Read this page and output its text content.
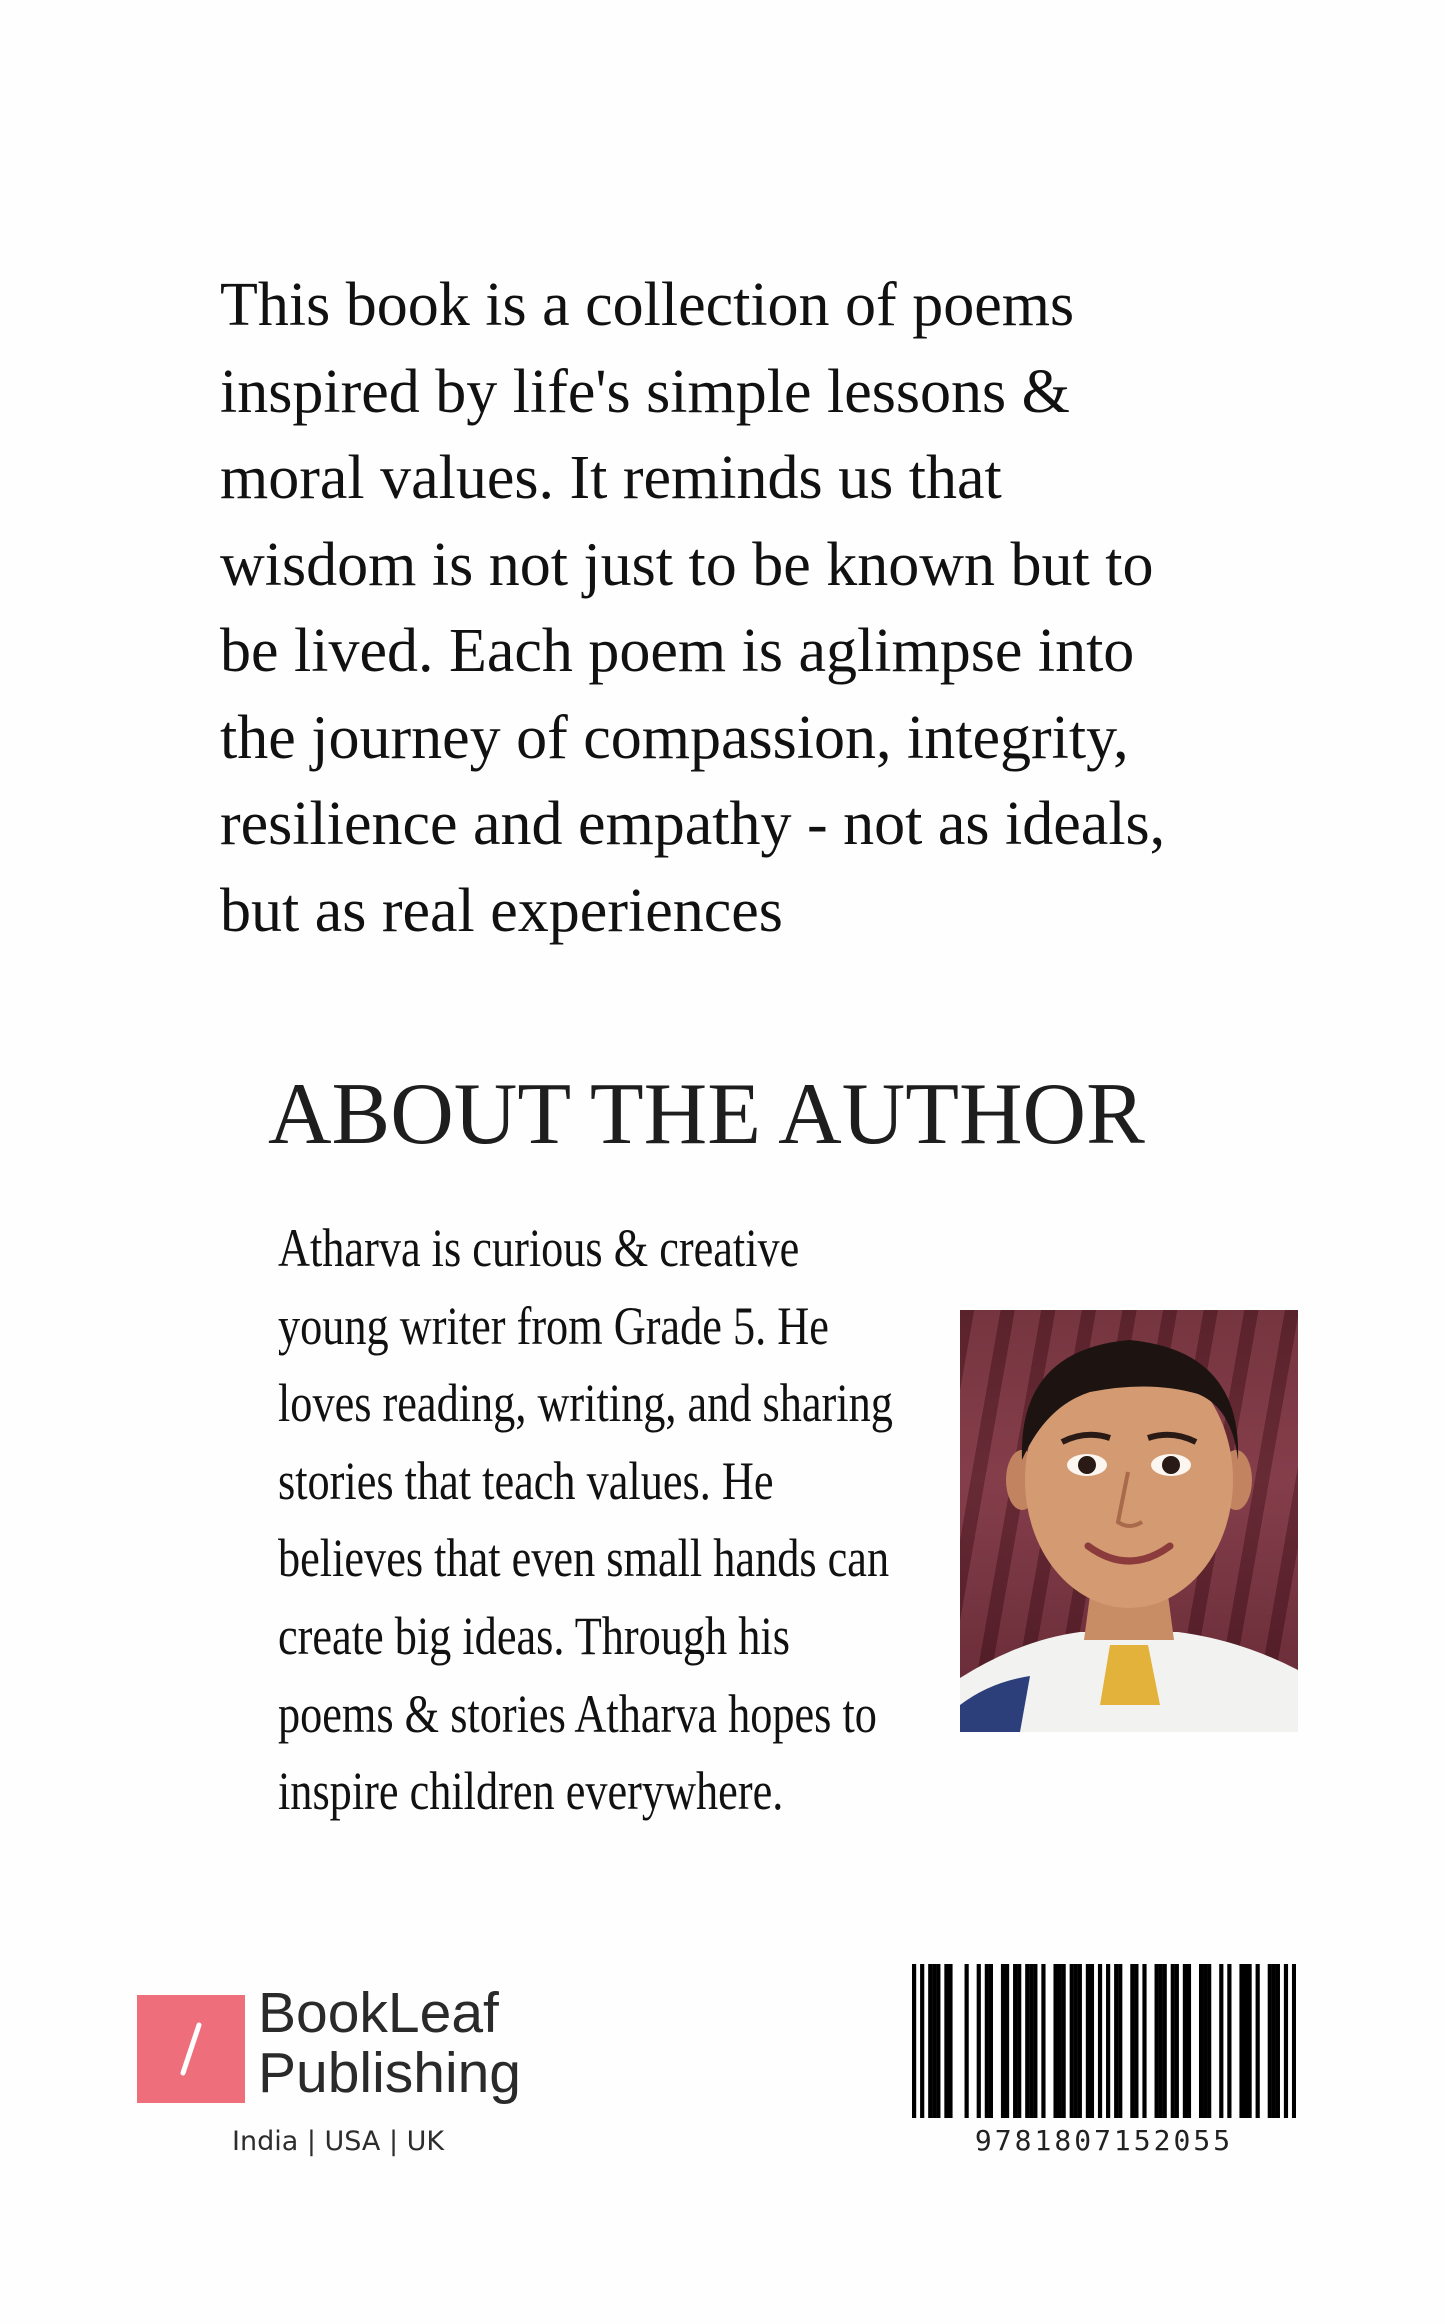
This book is a collection of poems
inspired by life's simple lessons &
moral values. It reminds us that
wisdom is not just to be known but to
be lived. Each poem is aglimpse into
the journey of compassion, integrity,
resilience and empathy - not as ideals,
but as real experiences
ABOUT THE AUTHOR
Atharva is curious & creative
young writer from Grade 5. He
loves reading, writing, and sharing
stories that teach values. He
believes that even small hands can
create big ideas. Through his
poems & stories Atharva hopes to
inspire children everywhere.
BookLeaf
Publishing
India | USA | UK	9781807152055
